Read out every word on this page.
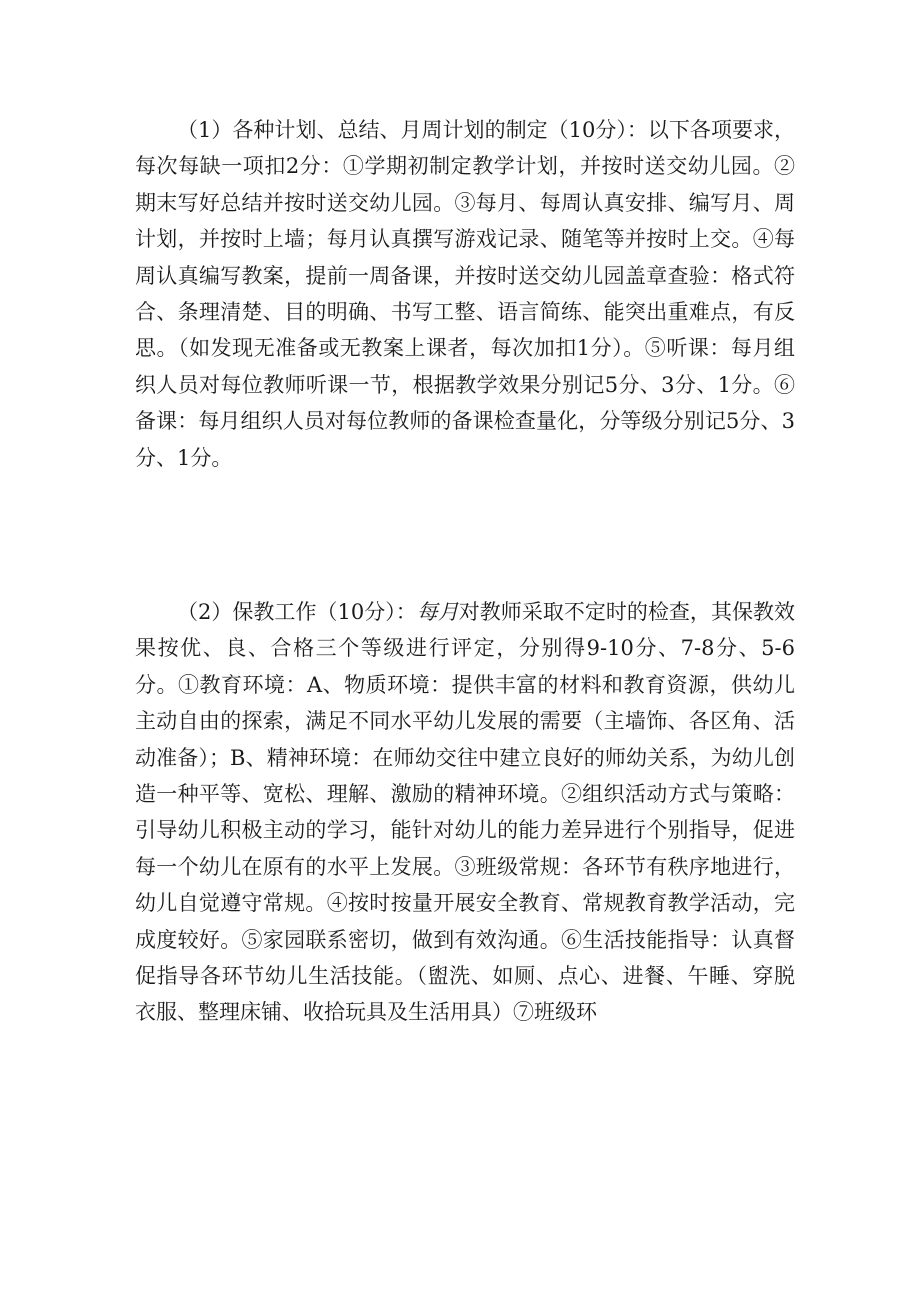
（1）各种计划、总结、月周计划的制定（10分）：以下各项要求，每次每缺一项扣2分：①学期初制定教学计划，并按时送交幼儿园。②期末写好总结并按时送交幼儿园。③每月、每周认真安排、编写月、周计划，并按时上墙；每月认真撰写游戏记录、随笔等并按时上交。④每周认真编写教案，提前一周备课，并按时送交幼儿园盖章查验：格式符合、条理清楚、目的明确、书写工整、语言简练、能突出重难点，有反思。（如发现无准备或无教案上课者，每次加扣1分）。⑤听课：每月组织人员对每位教师听课一节，根据教学效果分别记5分、3分、1分。⑥备课：每月组织人员对每位教师的备课检查量化，分等级分别记5分、3分、1分。

（2）保教工作（10分）：每月对教师采取不定时的检查，其保教效果按优、良、合格三个等级进行评定，分别得9-10分、7-8分、5-6分。①教育环境：A、物质环境：提供丰富的材料和教育资源，供幼儿主动自由的探索，满足不同水平幼儿发展的需要（主墙饰、各区角、活动准备）；B、精神环境：在师幼交往中建立良好的师幼关系，为幼儿创造一种平等、宽松、理解、激励的精神环境。②组织活动方式与策略：引导幼儿积极主动的学习，能针对幼儿的能力差异进行个别指导，促进每一个幼儿在原有的水平上发展。③班级常规：各环节有秩序地进行，幼儿自觉遵守常规。④按时按量开展安全教育、常规教育教学活动，完成度较好。⑤家园联系密切，做到有效沟通。⑥生活技能指导：认真督促指导各环节幼儿生活技能。（盥洗、如厕、点心、进餐、午睡、穿脱衣服、整理床铺、收拾玩具及生活用具）⑦班级环
